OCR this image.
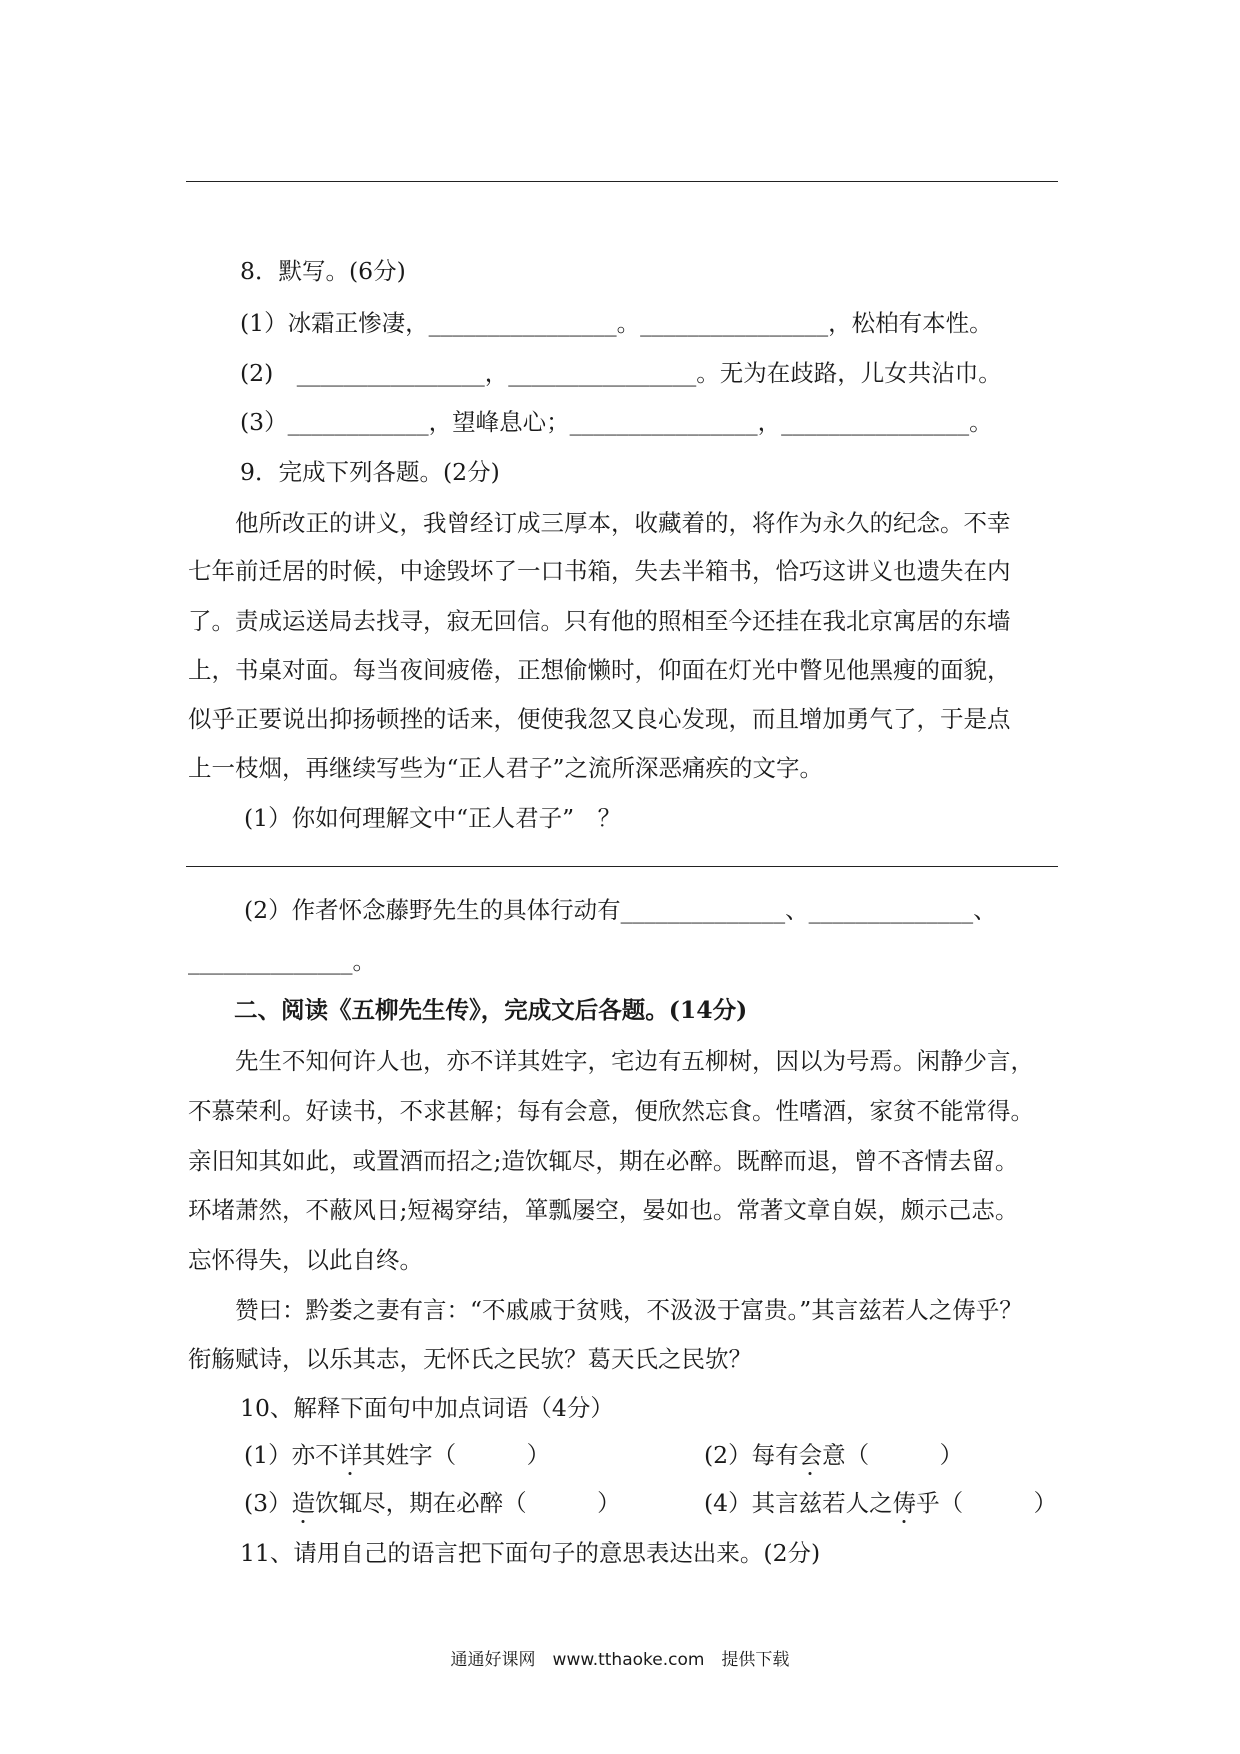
8．默写。(6分)
(1）冰霜正惨凄，________________。________________，松柏有本性。
(2)　________________，________________。无为在歧路，儿女共沾巾。
(3）____________，望峰息心；________________，________________。
9．完成下列各题。(2分)
　　他所改正的讲义，我曾经订成三厚本，收藏着的，将作为永久的纪念。不幸
七年前迁居的时候，中途毁坏了一口书箱，失去半箱书，恰巧这讲义也遗失在内
了。责成运送局去找寻，寂无回信。只有他的照相至今还挂在我北京寓居的东墙
上，书桌对面。每当夜间疲倦，正想偷懒时，仰面在灯光中瞥见他黑瘦的面貌，
似乎正要说出抑扬顿挫的话来，便使我忽又良心发现，而且增加勇气了，于是点
上一枝烟，再继续写些为“正人君子”之流所深恶痛疾的文字。
(1）你如何理解文中“正人君子”　？
(2）作者怀念藤野先生的具体行动有______________、______________、
______________。
二、阅读《五柳先生传》，完成文后各题。(14分)
　　先生不知何许人也，亦不详其姓字，宅边有五柳树，因以为号焉。闲静少言，
不慕荣利。好读书，不求甚解；每有会意，便欣然忘食。性嗜酒，家贫不能常得。
亲旧知其如此，或置酒而招之;造饮辄尽，期在必醉。既醉而退，曾不吝情去留。
环堵萧然，不蔽风日;短褐穿结，箪瓢屡空，晏如也。常著文章自娱，颇示己志。
忘怀得失，以此自终。
　　赞曰：黔娄之妻有言：“不戚戚于贫贱，不汲汲于富贵。”其言兹若人之俦乎？
衔觞赋诗，以乐其志，无怀氏之民欤？葛天氏之民欤？
10、解释下面句中加点词语（4分）
(1）亦不详其姓字（　　　）	(2）每有会意（　　　）
(3）造饮辄尽，期在必醉（　　　）	(4）其言兹若人之俦乎（　　　）
11、请用自己的语言把下面句子的意思表达出来。(2分)
通通好课网　www.tthaoke.com　提供下载
